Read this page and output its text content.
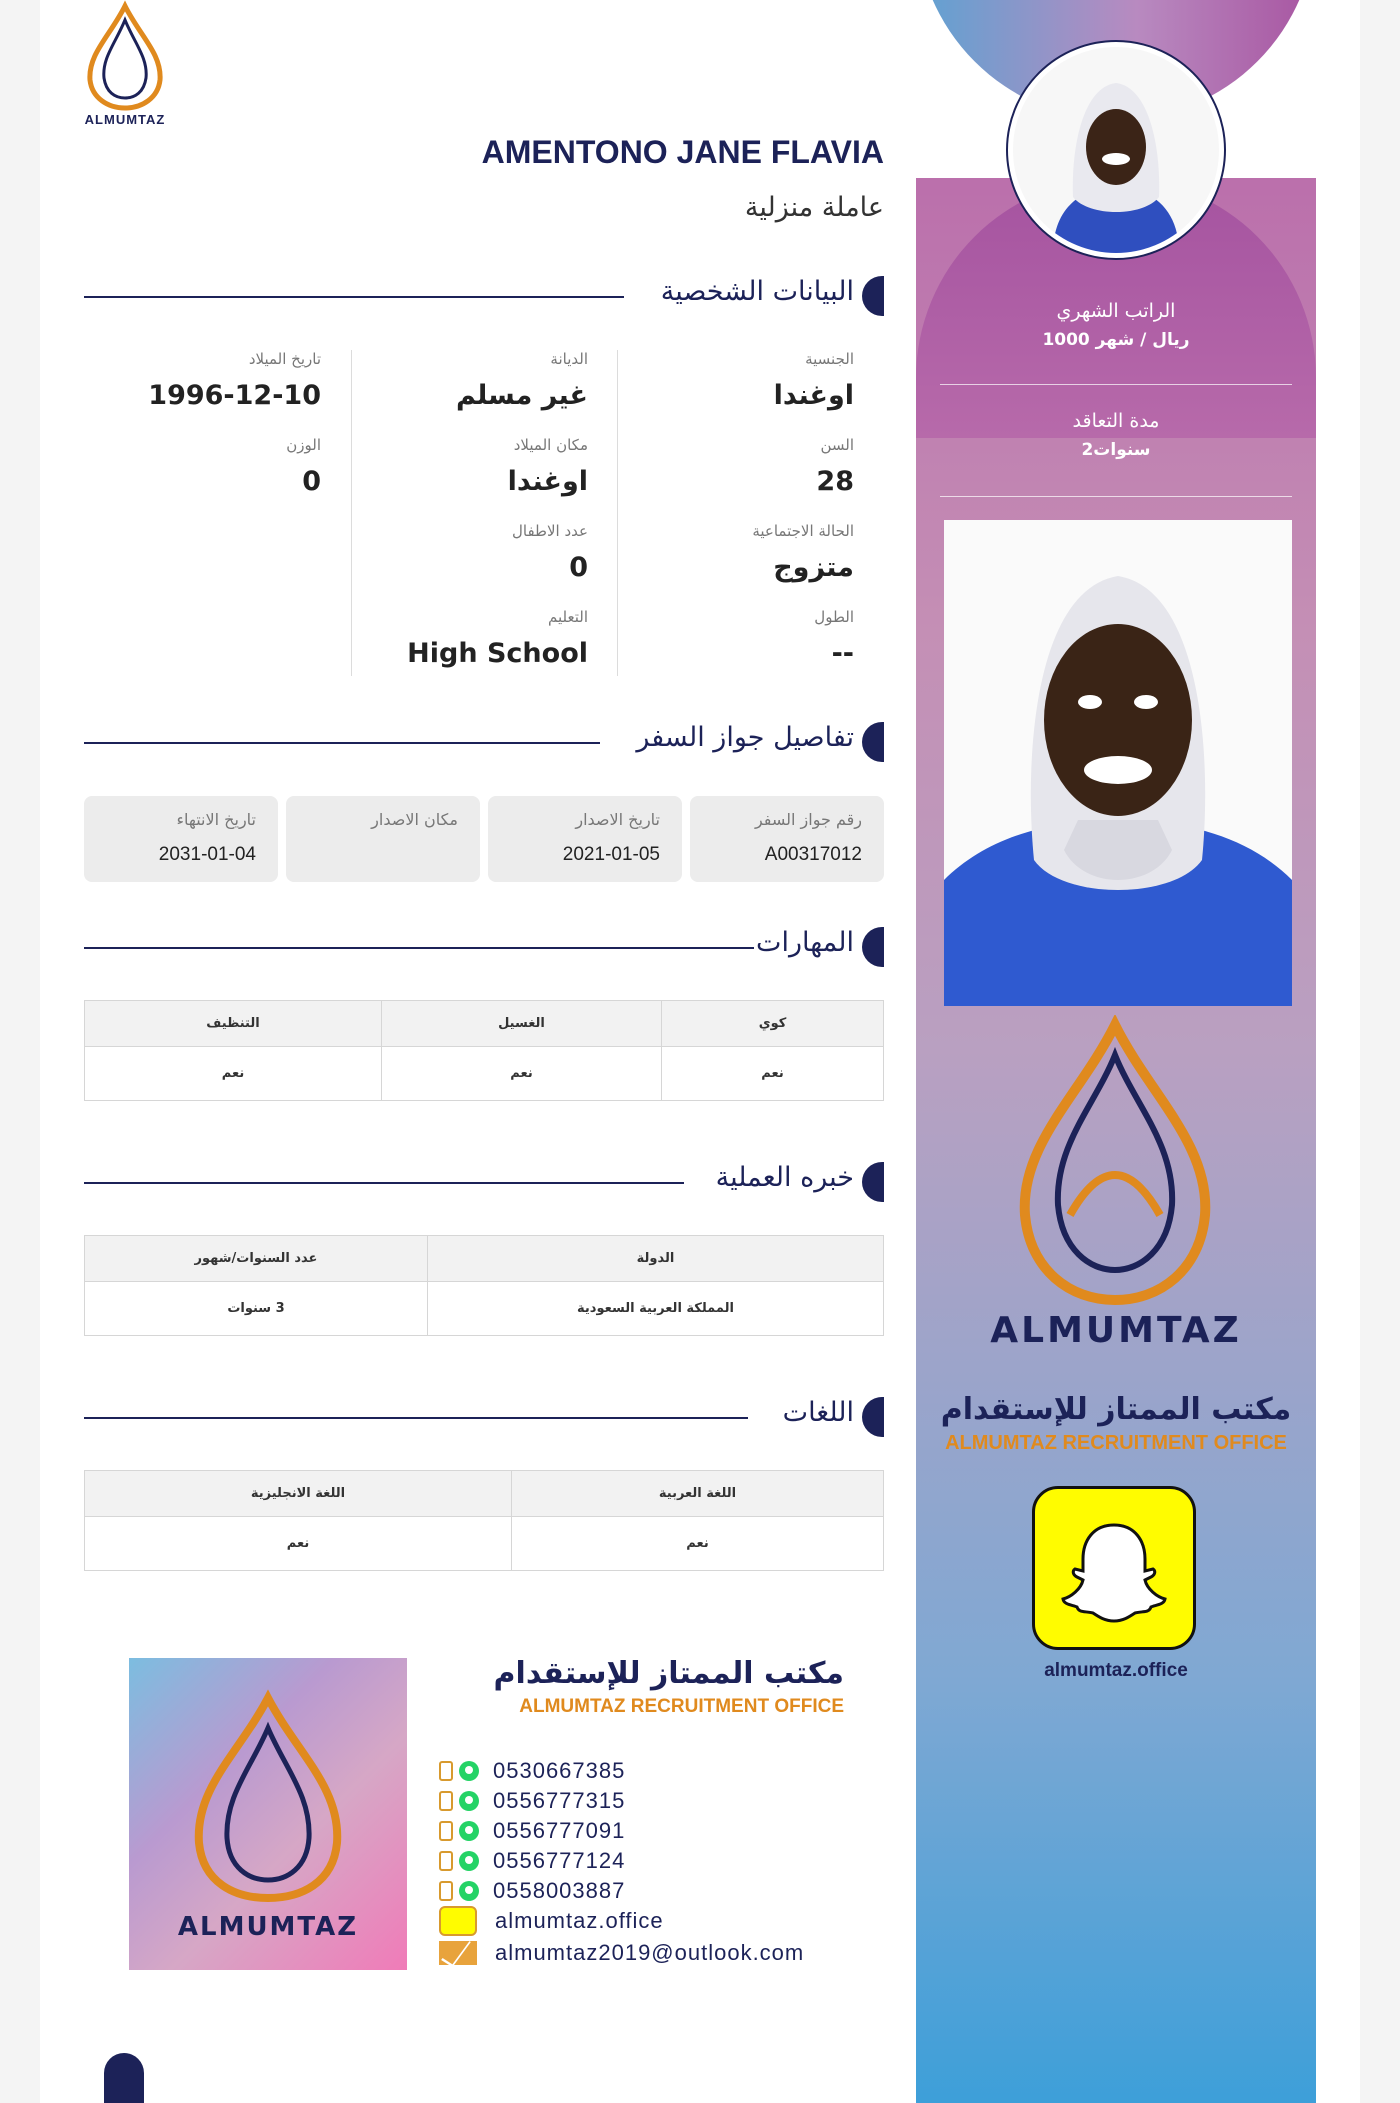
الراتب الشهري
1000 ريال / شهر
مدة التعاقد
2سنوات
ALMUMTAZ
مكتب الممتاز للإستقدام
ALMUMTAZ RECRUITMENT OFFICE
almumtaz.office
ALMUMTAZ
AMENTONO JANE FLAVIA
عاملة منزلية
البيانات الشخصية
الجنسية
اوغندا
السن
28
الحالة الاجتماعية
متزوج
الطول
--
الديانة
غير مسلم
مكان الميلاد
اوغندا
عدد الاطفال
0
التعليم
High School
تاريخ الميلاد
1996-12-10
الوزن
0
تفاصيل جواز السفر
رقم جواز السفر
A00317012
تاريخ الاصدار
2021-01-05
مكان الاصدار
تاريخ الانتهاء
2031-01-04
المهارات
كوي	الغسيل	التنظيف
نعم	نعم	نعم
خبره العملية
الدولة	عدد السنوات/شهور
المملكة العربية السعودية	3 سنوات
اللغات
اللغة العربية	اللغة الانجليزية
نعم	نعم
ALMUMTAZ
مكتب الممتاز للإستقدام
ALMUMTAZ RECRUITMENT OFFICE
0530667385
0556777315
0556777091
0556777124
0558003887
almumtaz.office
almumtaz2019@outlook.com
